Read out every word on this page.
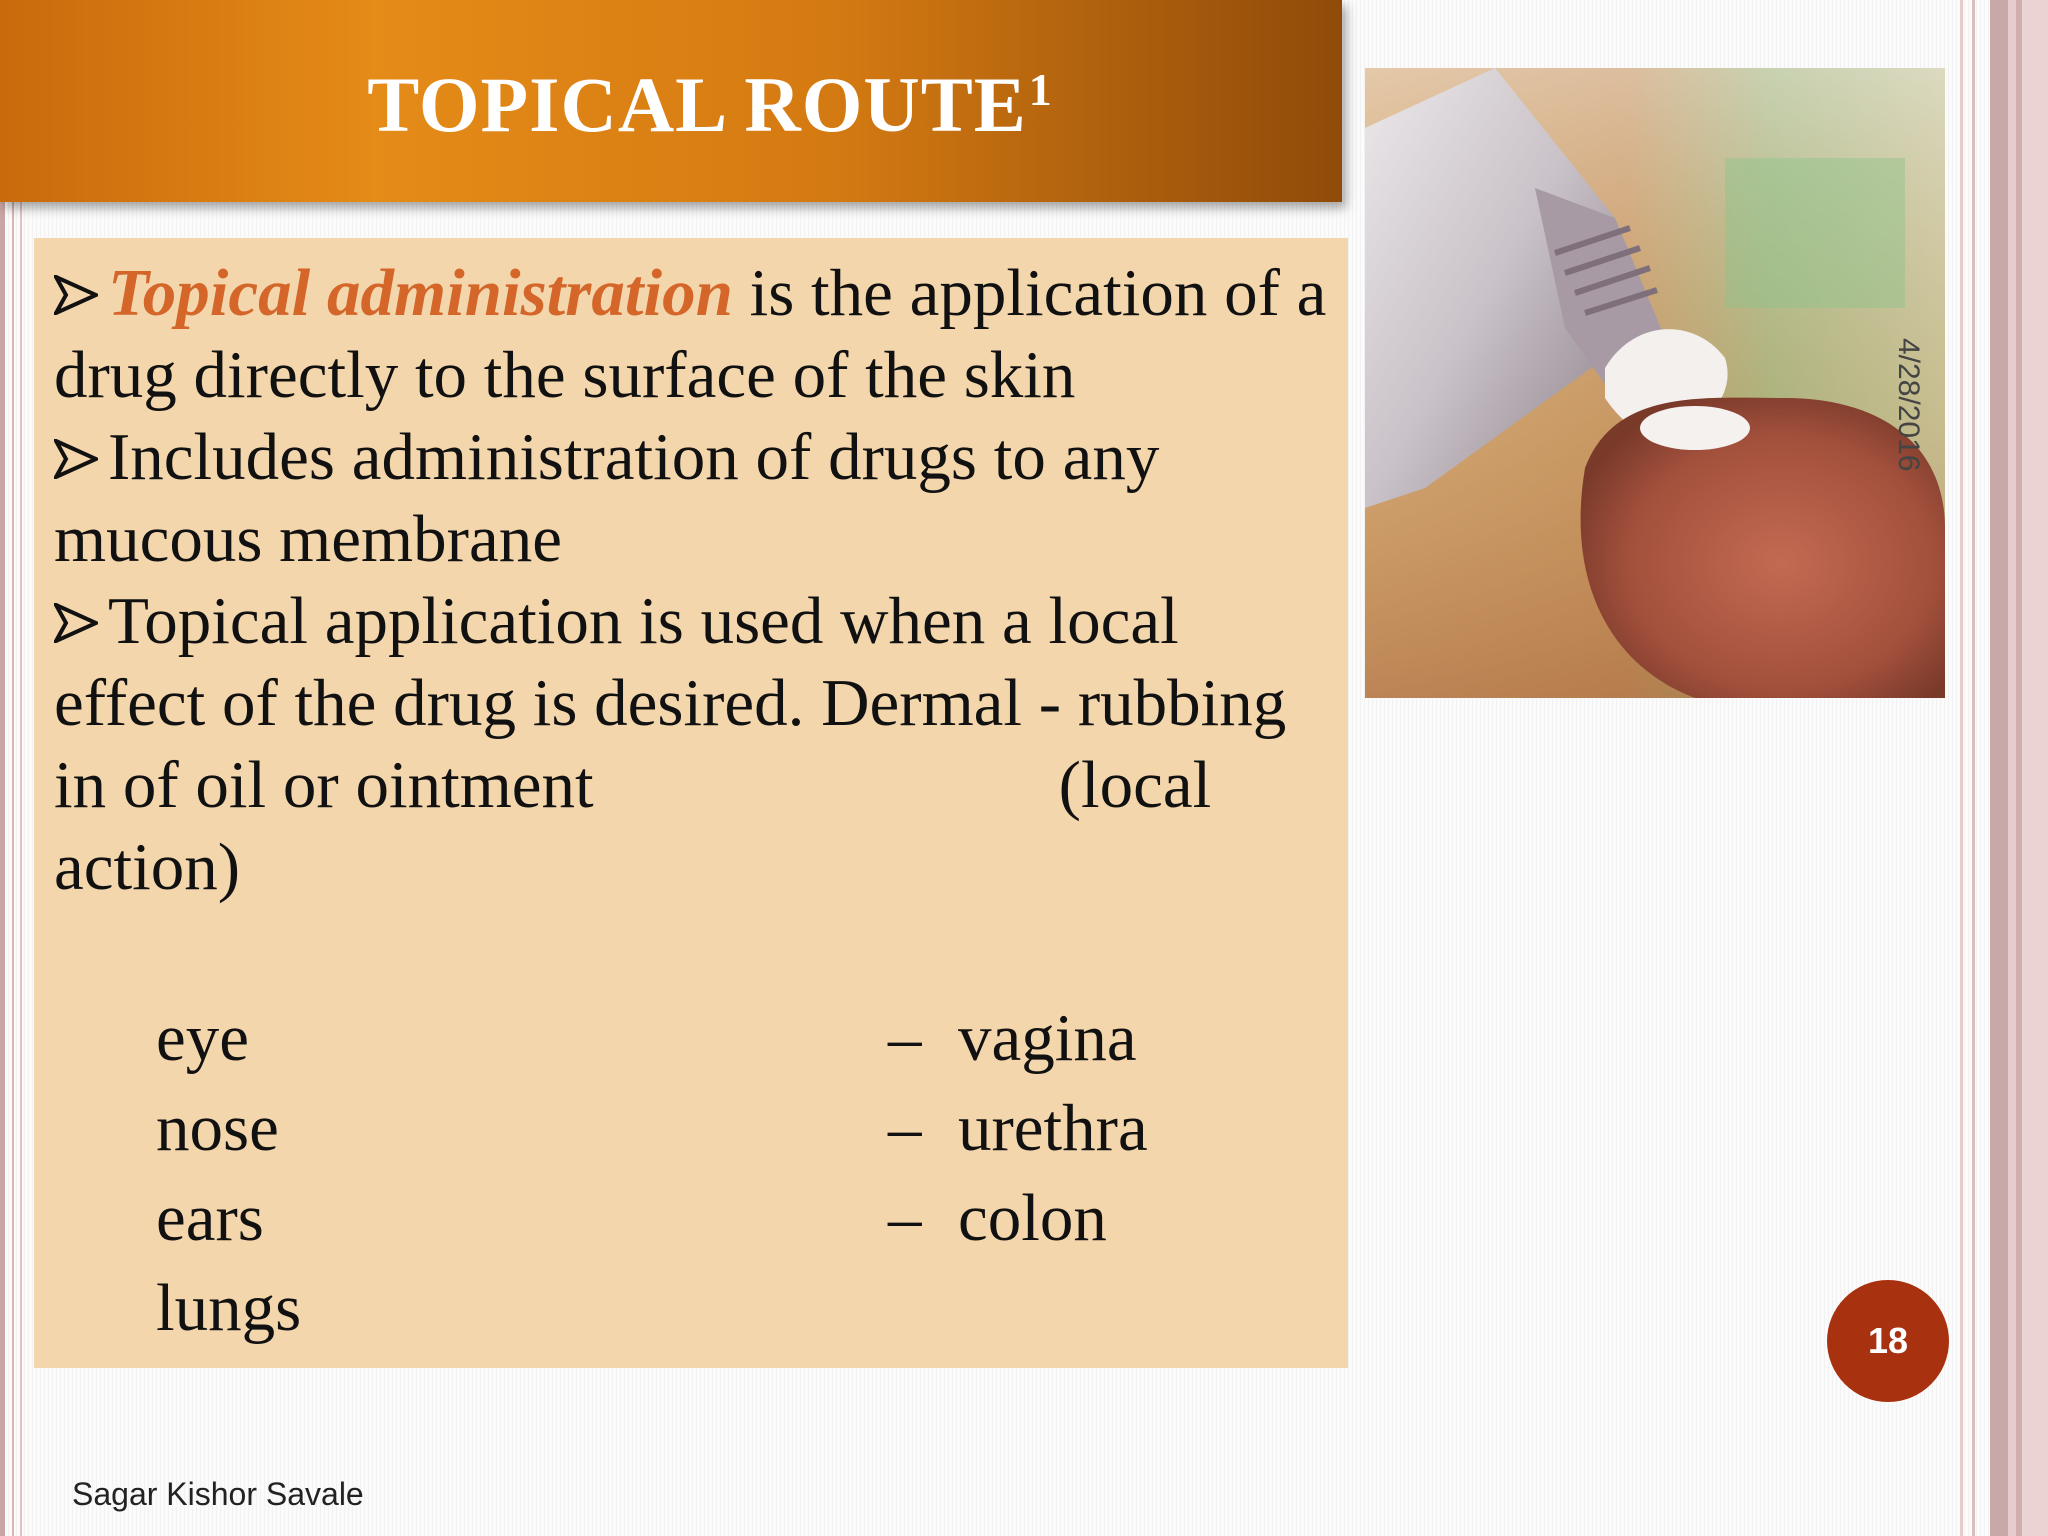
TOPICAL ROUTE$^1$

Topical administration is the application of a drug directly to the surface of the skin

Includes administration of drugs to any mucous membrane

Topical application is used when a local effect of the drug is desired. Dermal - rubbing in of oil or ointment	(local action)

eye
nose
ears
lungs
– vagina
– urethra
– colon
4/28/2016
18
Sagar Kishor Savale
